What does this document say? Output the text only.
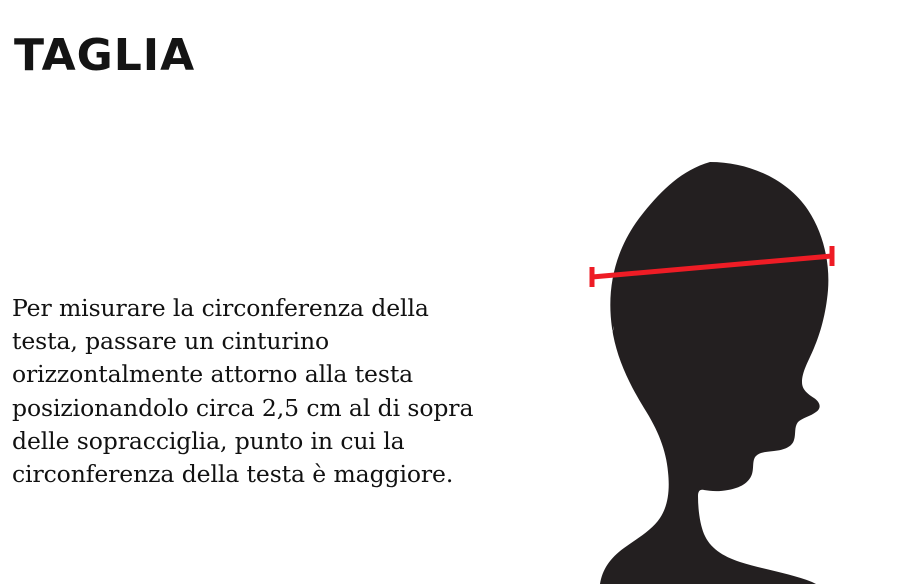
TAGLIA

Per misurare la circonferenza della testa, passare un cinturino orizzontalmente attorno alla testa posizionandolo circa 2,5 cm al di sopra delle sopracciglia, punto in cui la circonferenza della testa è maggiore.
